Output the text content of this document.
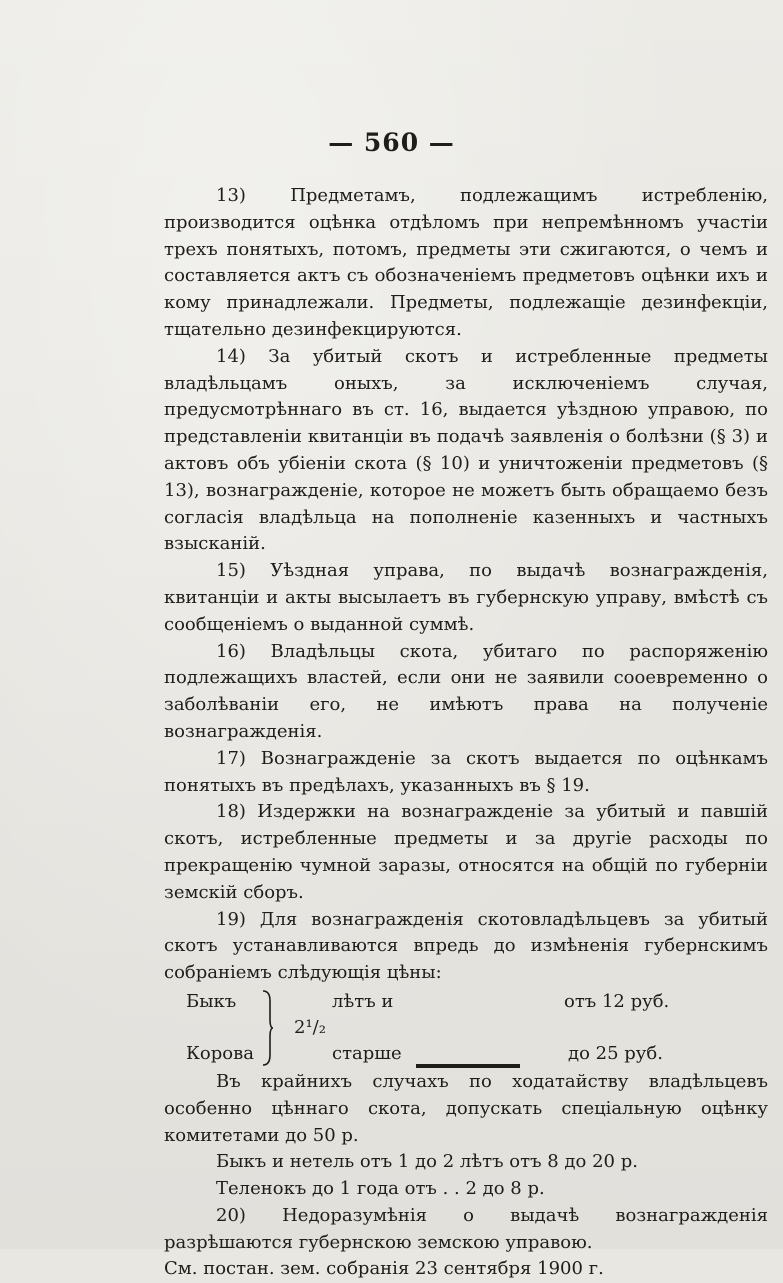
— 560 —

13) Предметамъ, подлежащимъ истребленію, производится оцѣнка отдѣломъ при непремѣнномъ участіи трехъ понятыхъ, потомъ, предметы эти сжигаются, о чемъ и составляется актъ съ обозначеніемъ предметовъ оцѣнки ихъ и кому принадлежали. Предметы, подлежащіе дезинфекціи, тщательно дезинфекцируются.

14) За убитый скотъ и истребленные предметы владѣльцамъ оныхъ, за исключеніемъ случая, предусмотрѣннаго въ ст. 16, выдается уѣздною управою, по представленіи квитанціи въ подачѣ заявленія о болѣзни (§ 3) и актовъ объ убіеніи скота (§ 10) и уничтоженіи предметовъ (§ 13), вознагражденіе, которое не можетъ быть обращаемо безъ согласія владѣльца на пополненіе казенныхъ и частныхъ взысканій.

15) Уѣздная управа, по выдачѣ вознагражденія, квитанціи и акты высылаетъ въ губернскую управу, вмѣстѣ съ сообщеніемъ о выданной суммѣ.

16) Владѣльцы скота, убитаго по распоряженію подлежащихъ властей, если они не заявили сооевременно о заболѣваніи его, не имѣютъ права на полученіе вознагражденія.

17) Вознагражденіе за скотъ выдается по оцѣнкамъ понятыхъ въ предѣлахъ, указанныхъ въ § 19.

18) Издержки на вознагражденіе за убитый и павшій скотъ, истребленные предметы и за другіе расходы по прекращенію чумной заразы, относятся на общій по губерніи земскій сборъ.

19) Для вознагражденія скотовладѣльцевъ за убитый скотъ устанавливаются впредь до измѣненія губернскимъ собраніемъ слѣдующія цѣны:

Быкъ
Корова
2¹/₂
лѣтъ и
старше
отъ 12 руб.
до 25 руб.

Въ крайнихъ случахъ по ходатайству владѣльцевъ особенно цѣннаго скота, допускать спеціальную оцѣнку комитетами до 50 р.

Быкъ и нетель отъ 1 до 2 лѣтъ отъ 8 до 20 р.

Теленокъ до 1 года отъ . . 2 до 8 р.

20) Недоразумѣнія о выдачѣ вознагражденія разрѣшаются губернскою земскою управою.

См. постан. зем. собранія 23 сентября 1900 г.
